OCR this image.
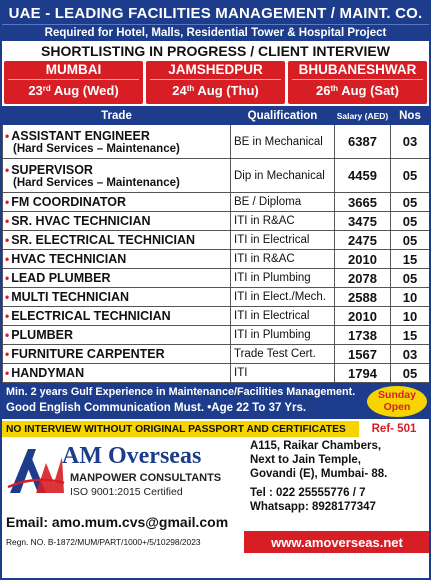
UAE - LEADING FACILITIES MANAGEMENT / MAINT. CO.
Required for Hotel, Malls, Residential Tower & Hospital Project
SHORTLISTING IN PROGRESS / CLIENT INTERVIEW
MUMBAI
23rd Aug (Wed)
JAMSHEDPUR
24th Aug (Thu)
BHUBANESHWAR
26th Aug (Sat)
Trade	Qualification	Salary (AED)	Nos
• ASSISTANT ENGINEER
(Hard Services – Maintenance)	BE in Mechanical	6387	03
• SUPERVISOR
(Hard Services – Maintenance)	Dip in Mechanical	4459	05
• FM COORDINATOR	BE / Diploma	3665	05
• SR. HVAC TECHNICIAN	ITI in R&AC	3475	05
• SR. ELECTRICAL TECHNICIAN	ITI in Electrical	2475	05
• HVAC TECHNICIAN	ITI in R&AC	2010	15
• LEAD PLUMBER	ITI in Plumbing	2078	05
• MULTI TECHNICIAN	ITI in Elect./Mech.	2588	10
• ELECTRICAL TECHNICIAN	ITI in Electrical	2010	10
• PLUMBER	ITI in Plumbing	1738	15
• FURNITURE CARPENTER	Trade Test Cert.	1567	03
• HANDYMAN	ITI	1794	05
Min. 2 years Gulf Experience in Maintenance/Facilities Management.
Good English Communication Must. •Age 22 To 37 Yrs.
Sunday
Open
NO INTERVIEW WITHOUT ORIGINAL PASSPORT AND CERTIFICATES	Ref- 501
AM Overseas
MANPOWER CONSULTANTS
ISO 9001:2015 Certified
Email: amo.mum.cvs@gmail.com
Regn. NO. B-1872/MUM/PART/1000+/5/10298/2023
A115, Raikar Chambers,
Next to Jain Temple,
Govandi (E), Mumbai- 88.
Tel : 022 25555776 / 7
Whatsapp: 8928177347
www.amoverseas.net
